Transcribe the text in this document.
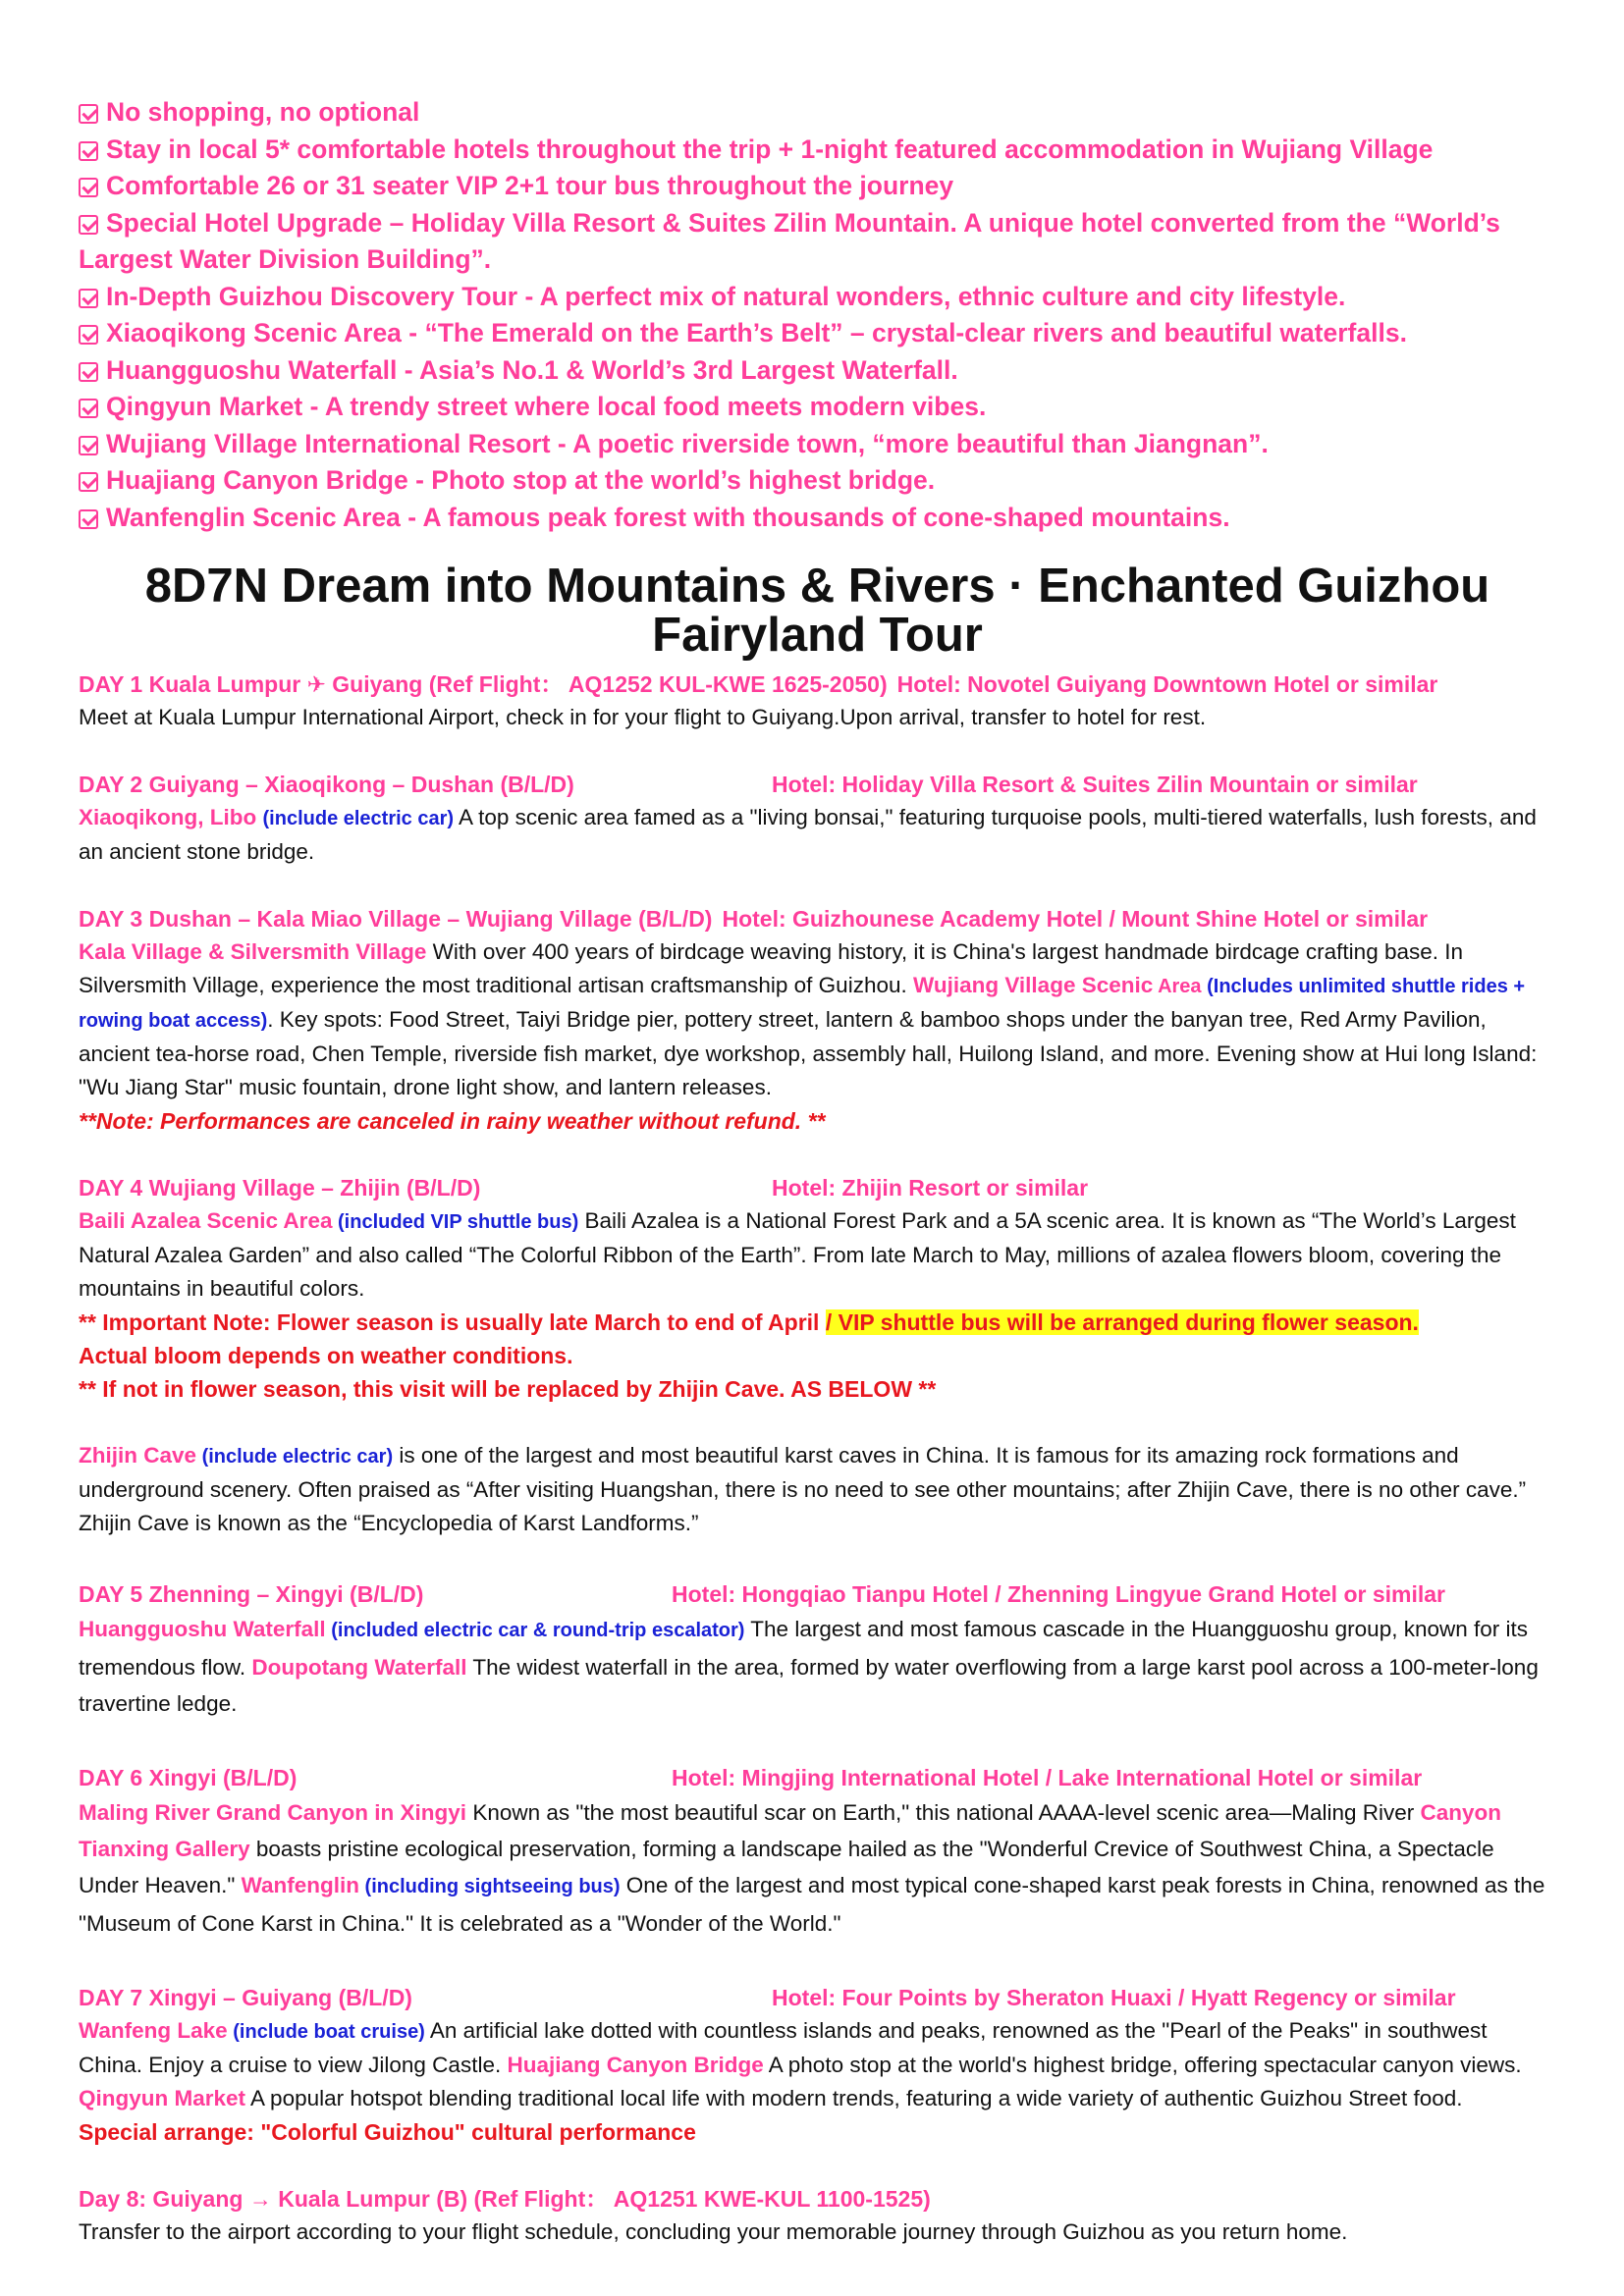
No shopping, no optional
Stay in local 5* comfortable hotels throughout the trip + 1-night featured accommodation in Wujiang Village
Comfortable 26 or 31 seater VIP 2+1 tour bus throughout the journey
Special Hotel Upgrade – Holiday Villa Resort & Suites Zilin Mountain. A unique hotel converted from the “World’s Largest Water Division Building”.
In-Depth Guizhou Discovery Tour - A perfect mix of natural wonders, ethnic culture and city lifestyle.
Xiaoqikong Scenic Area - “The Emerald on the Earth’s Belt” – crystal-clear rivers and beautiful waterfalls.
Huangguoshu Waterfall - Asia’s No.1 & World’s 3rd Largest Waterfall.
Qingyun Market - A trendy street where local food meets modern vibes.
Wujiang Village International Resort - A poetic riverside town, “more beautiful than Jiangnan”.
Huajiang Canyon Bridge - Photo stop at the world’s highest bridge.
Wanfenglin Scenic Area - A famous peak forest with thousands of cone-shaped mountains.
8D7N Dream into Mountains & Rivers · Enchanted Guizhou
Fairyland Tour
DAY 1 Kuala Lumpur ✈ Guiyang (Ref Flight： AQ1252 KUL-KWE 1625-2050) Hotel: Novotel Guiyang Downtown Hotel or similar
Meet at Kuala Lumpur International Airport, check in for your flight to Guiyang.Upon arrival, transfer to hotel for rest.
DAY 2 Guiyang – Xiaoqikong – Dushan (B/L/D)	Hotel: Holiday Villa Resort & Suites Zilin Mountain or similar
Xiaoqikong, Libo (include electric car) A top scenic area famed as a "living bonsai," featuring turquoise pools, multi-tiered waterfalls, lush forests, and an ancient stone bridge.
DAY 3 Dushan – Kala Miao Village – Wujiang Village (B/L/D) Hotel: Guizhounese Academy Hotel / Mount Shine Hotel or similar
Kala Village & Silversmith Village With over 400 years of birdcage weaving history, it is China's largest handmade birdcage crafting base. In Silversmith Village, experience the most traditional artisan craftsmanship of Guizhou. Wujiang Village Scenic Area (Includes unlimited shuttle rides + rowing boat access). Key spots: Food Street, Taiyi Bridge pier, pottery street, lantern & bamboo shops under the banyan tree, Red Army Pavilion, ancient tea-horse road, Chen Temple, riverside fish market, dye workshop, assembly hall, Huilong Island, and more. Evening show at Hui long Island: "Wu Jiang Star" music fountain, drone light show, and lantern releases.
**Note: Performances are canceled in rainy weather without refund. **
DAY 4 Wujiang Village – Zhijin (B/L/D)	Hotel: Zhijin Resort or similar
Baili Azalea Scenic Area (included VIP shuttle bus) Baili Azalea is a National Forest Park and a 5A scenic area. It is known as “The World’s Largest Natural Azalea Garden” and also called “The Colorful Ribbon of the Earth”. From late March to May, millions of azalea flowers bloom, covering the mountains in beautiful colors.
** Important Note: Flower season is usually late March to end of April / VIP shuttle bus will be arranged during flower season.
Actual bloom depends on weather conditions.
** If not in flower season, this visit will be replaced by Zhijin Cave. AS BELOW **
Zhijin Cave (include electric car) is one of the largest and most beautiful karst caves in China. It is famous for its amazing rock formations and underground scenery. Often praised as “After visiting Huangshan, there is no need to see other mountains; after Zhijin Cave, there is no other cave.” Zhijin Cave is known as the “Encyclopedia of Karst Landforms.”
DAY 5 Zhenning – Xingyi (B/L/D)	Hotel: Hongqiao Tianpu Hotel / Zhenning Lingyue Grand Hotel or similar
Huangguoshu Waterfall (included electric car & round-trip escalator) The largest and most famous cascade in the Huangguoshu group, known for its tremendous flow. Doupotang Waterfall The widest waterfall in the area, formed by water overflowing from a large karst pool across a 100-meter-long travertine ledge.
DAY 6 Xingyi (B/L/D)	Hotel: Mingjing International Hotel / Lake International Hotel or similar
Maling River Grand Canyon in Xingyi Known as "the most beautiful scar on Earth," this national AAAA-level scenic area—Maling River Canyon Tianxing Gallery boasts pristine ecological preservation, forming a landscape hailed as the "Wonderful Crevice of Southwest China, a Spectacle Under Heaven." Wanfenglin (including sightseeing bus) One of the largest and most typical cone-shaped karst peak forests in China, renowned as the "Museum of Cone Karst in China." It is celebrated as a "Wonder of the World."
DAY 7 Xingyi – Guiyang (B/L/D)	Hotel: Four Points by Sheraton Huaxi / Hyatt Regency or similar
Wanfeng Lake (include boat cruise) An artificial lake dotted with countless islands and peaks, renowned as the "Pearl of the Peaks" in southwest China. Enjoy a cruise to view Jilong Castle. Huajiang Canyon Bridge A photo stop at the world's highest bridge, offering spectacular canyon views. Qingyun Market A popular hotspot blending traditional local life with modern trends, featuring a wide variety of authentic Guizhou Street food.
Special arrange: "Colorful Guizhou" cultural performance
Day 8: Guiyang → Kuala Lumpur (B) (Ref Flight： AQ1251 KWE-KUL 1100-1525)
Transfer to the airport according to your flight schedule, concluding your memorable journey through Guizhou as you return home.
